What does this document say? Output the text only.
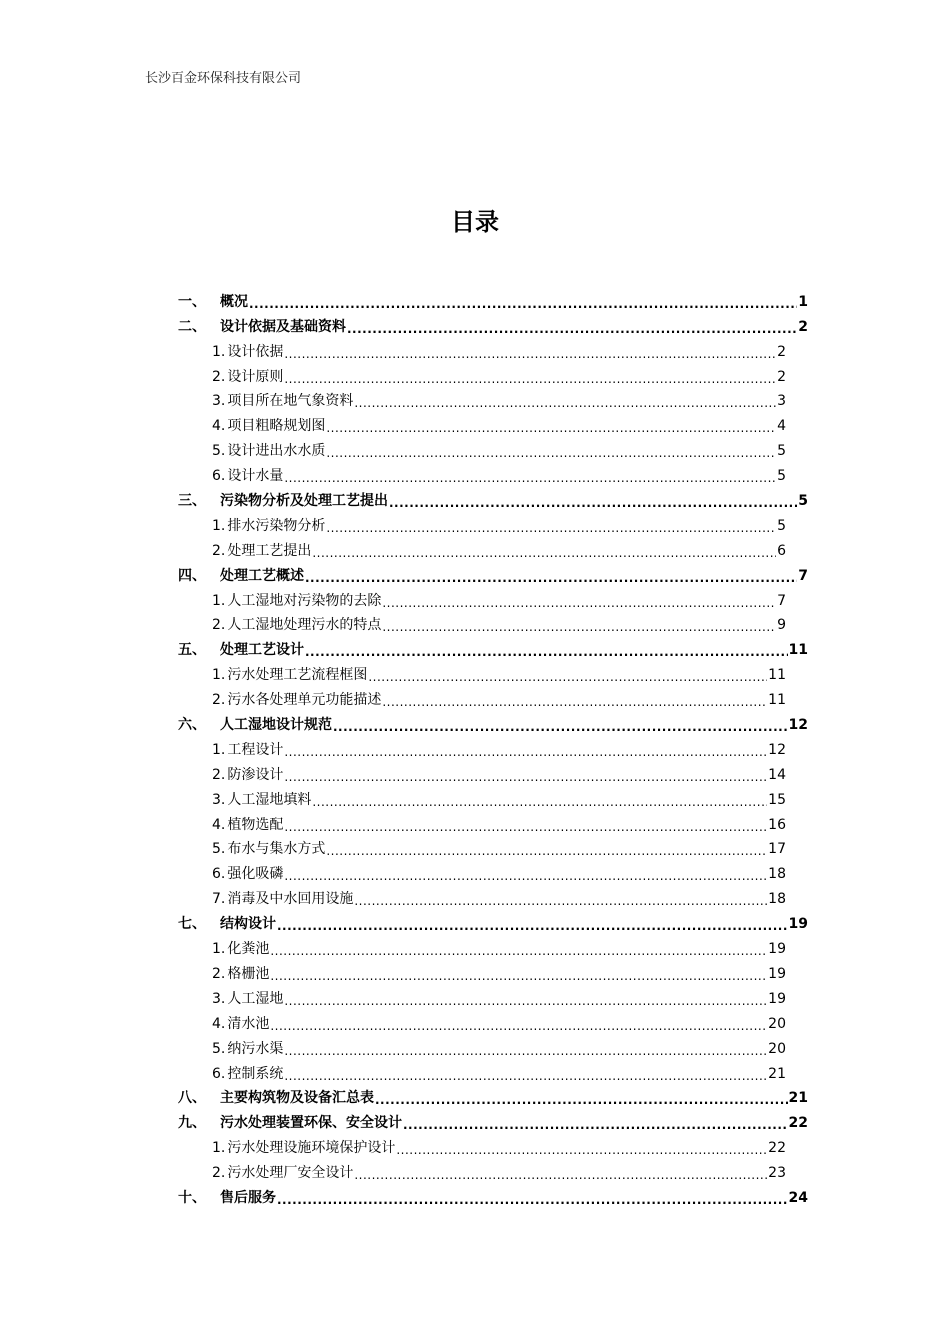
长沙百金环保科技有限公司
目录
一、	概况 .....	1
二、	设计依据及基础资料 .....	2
1. 设计依据 .....	2
2. 设计原则 .....	2
3. 项目所在地气象资料 .....	3
4. 项目粗略规划图 .....	4
5. 设计进出水水质 .....	5
6. 设计水量 .....	5
三、	污染物分析及处理工艺提出 .....	5
1. 排水污染物分析 .....	5
2. 处理工艺提出 .....	6
四、	处理工艺概述 .....	7
1. 人工湿地对污染物的去除 .....	7
2. 人工湿地处理污水的特点 .....	9
五、	处理工艺设计 .....	11
1. 污水处理工艺流程框图 .....	11
2. 污水各处理单元功能描述 .....	11
六、	人工湿地设计规范 .....	12
1. 工程设计 .....	12
2. 防渗设计 .....	14
3. 人工湿地填料 .....	15
4. 植物选配 .....	16
5. 布水与集水方式 .....	17
6. 强化吸磷 .....	18
7. 消毒及中水回用设施 .....	18
七、	结构设计 .....	19
1. 化粪池 .....	19
2. 格栅池 .....	19
3. 人工湿地 .....	19
4. 清水池 .....	20
5. 纳污水渠 .....	20
6. 控制系统 .....	21
八、	主要构筑物及设备汇总表 .....	21
九、	污水处理装置环保、安全设计 .....	22
1. 污水处理设施环境保护设计 .....	22
2. 污水处理厂安全设计 .....	23
十、	售后服务 .....	24
